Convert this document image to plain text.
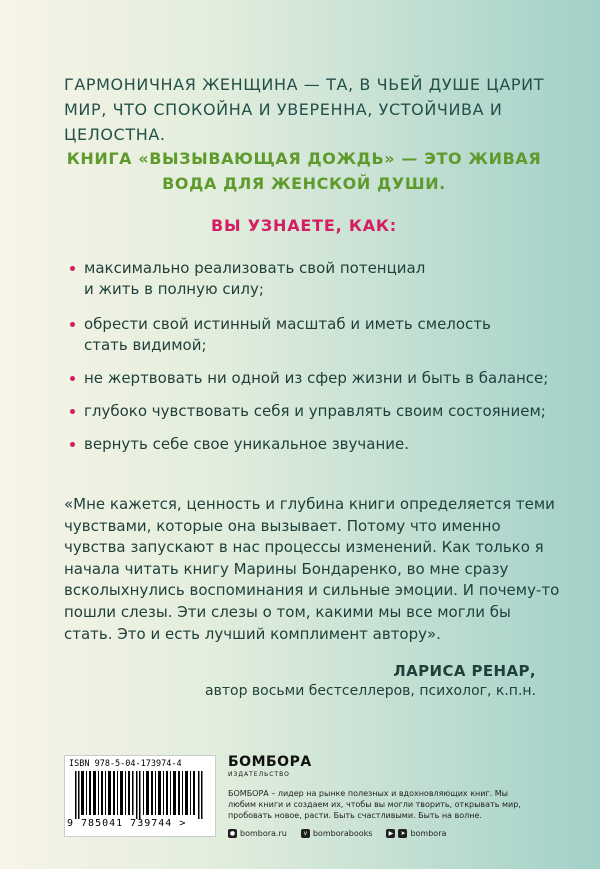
ГАРМОНИЧНАЯ ЖЕНЩИНА — ТА, В ЧЬЕЙ ДУШЕ ЦАРИТ МИР, ЧТО СПОКОЙНА И УВЕРЕННА, УСТОЙЧИВА И ЦЕЛОСТНА.

КНИГА «ВЫЗЫВАЮЩАЯ ДОЖДЬ» — ЭТО ЖИВАЯ ВОДА ДЛЯ ЖЕНСКОЙ ДУШИ.

ВЫ УЗНАЕТЕ, КАК:

максимально реализовать свой потенциал
и жить в полную силу;
обрести свой истинный масштаб и иметь смелость
стать видимой;
не жертвовать ни одной из сфер жизни и быть в балансе;
глубоко чувствовать себя и управлять своим состоянием;
вернуть себе свое уникальное звучание.

«Мне кажется, ценность и глубина книги определяется теми чувствами, которые она вызывает. Потому что именно чувства запускают в нас процессы изменений. Как только я начала читать книгу Марины Бондаренко, во мне сразу всколыхнулись воспоминания и сильные эмоции. И почему-то пошли слезы. Эти слезы о том, какими мы все могли бы стать. Это и есть лучший комплимент автору».

ЛАРИСА РЕНАР,

автор восьми бестселлеров, психолог, к.п.н.

ISBN 978-5-04-173974-4
9 785041 739744 >

БОМБОРА

ИЗДАТЕЛЬСТВО

БОМБОРА – лидер на рынке полезных и вдохновляющих книг. Мы любим книги и создаем их, чтобы вы могли творить, открывать мир, пробовать новое, расти. Быть счастливыми. Быть на волне.

● bombora.ru	v bomborabooks	▶	➤ bombora
